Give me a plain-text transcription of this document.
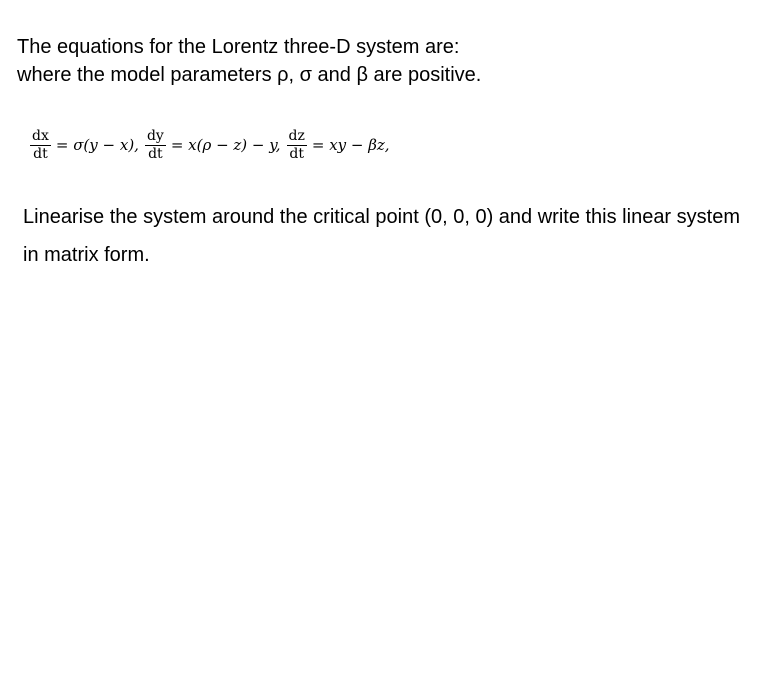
The equations for the Lorentz three-D system are:
where the model parameters ρ, σ and β are positive.
$\frac{dx}{dt} = \sigma(y - x)$, $\frac{dy}{dt} = x(\rho - z) - y$, $\frac{dz}{dt}$ = xy − βz,
Linearise the system around the critical point (0, 0, 0) and write this linear system in matrix form.
